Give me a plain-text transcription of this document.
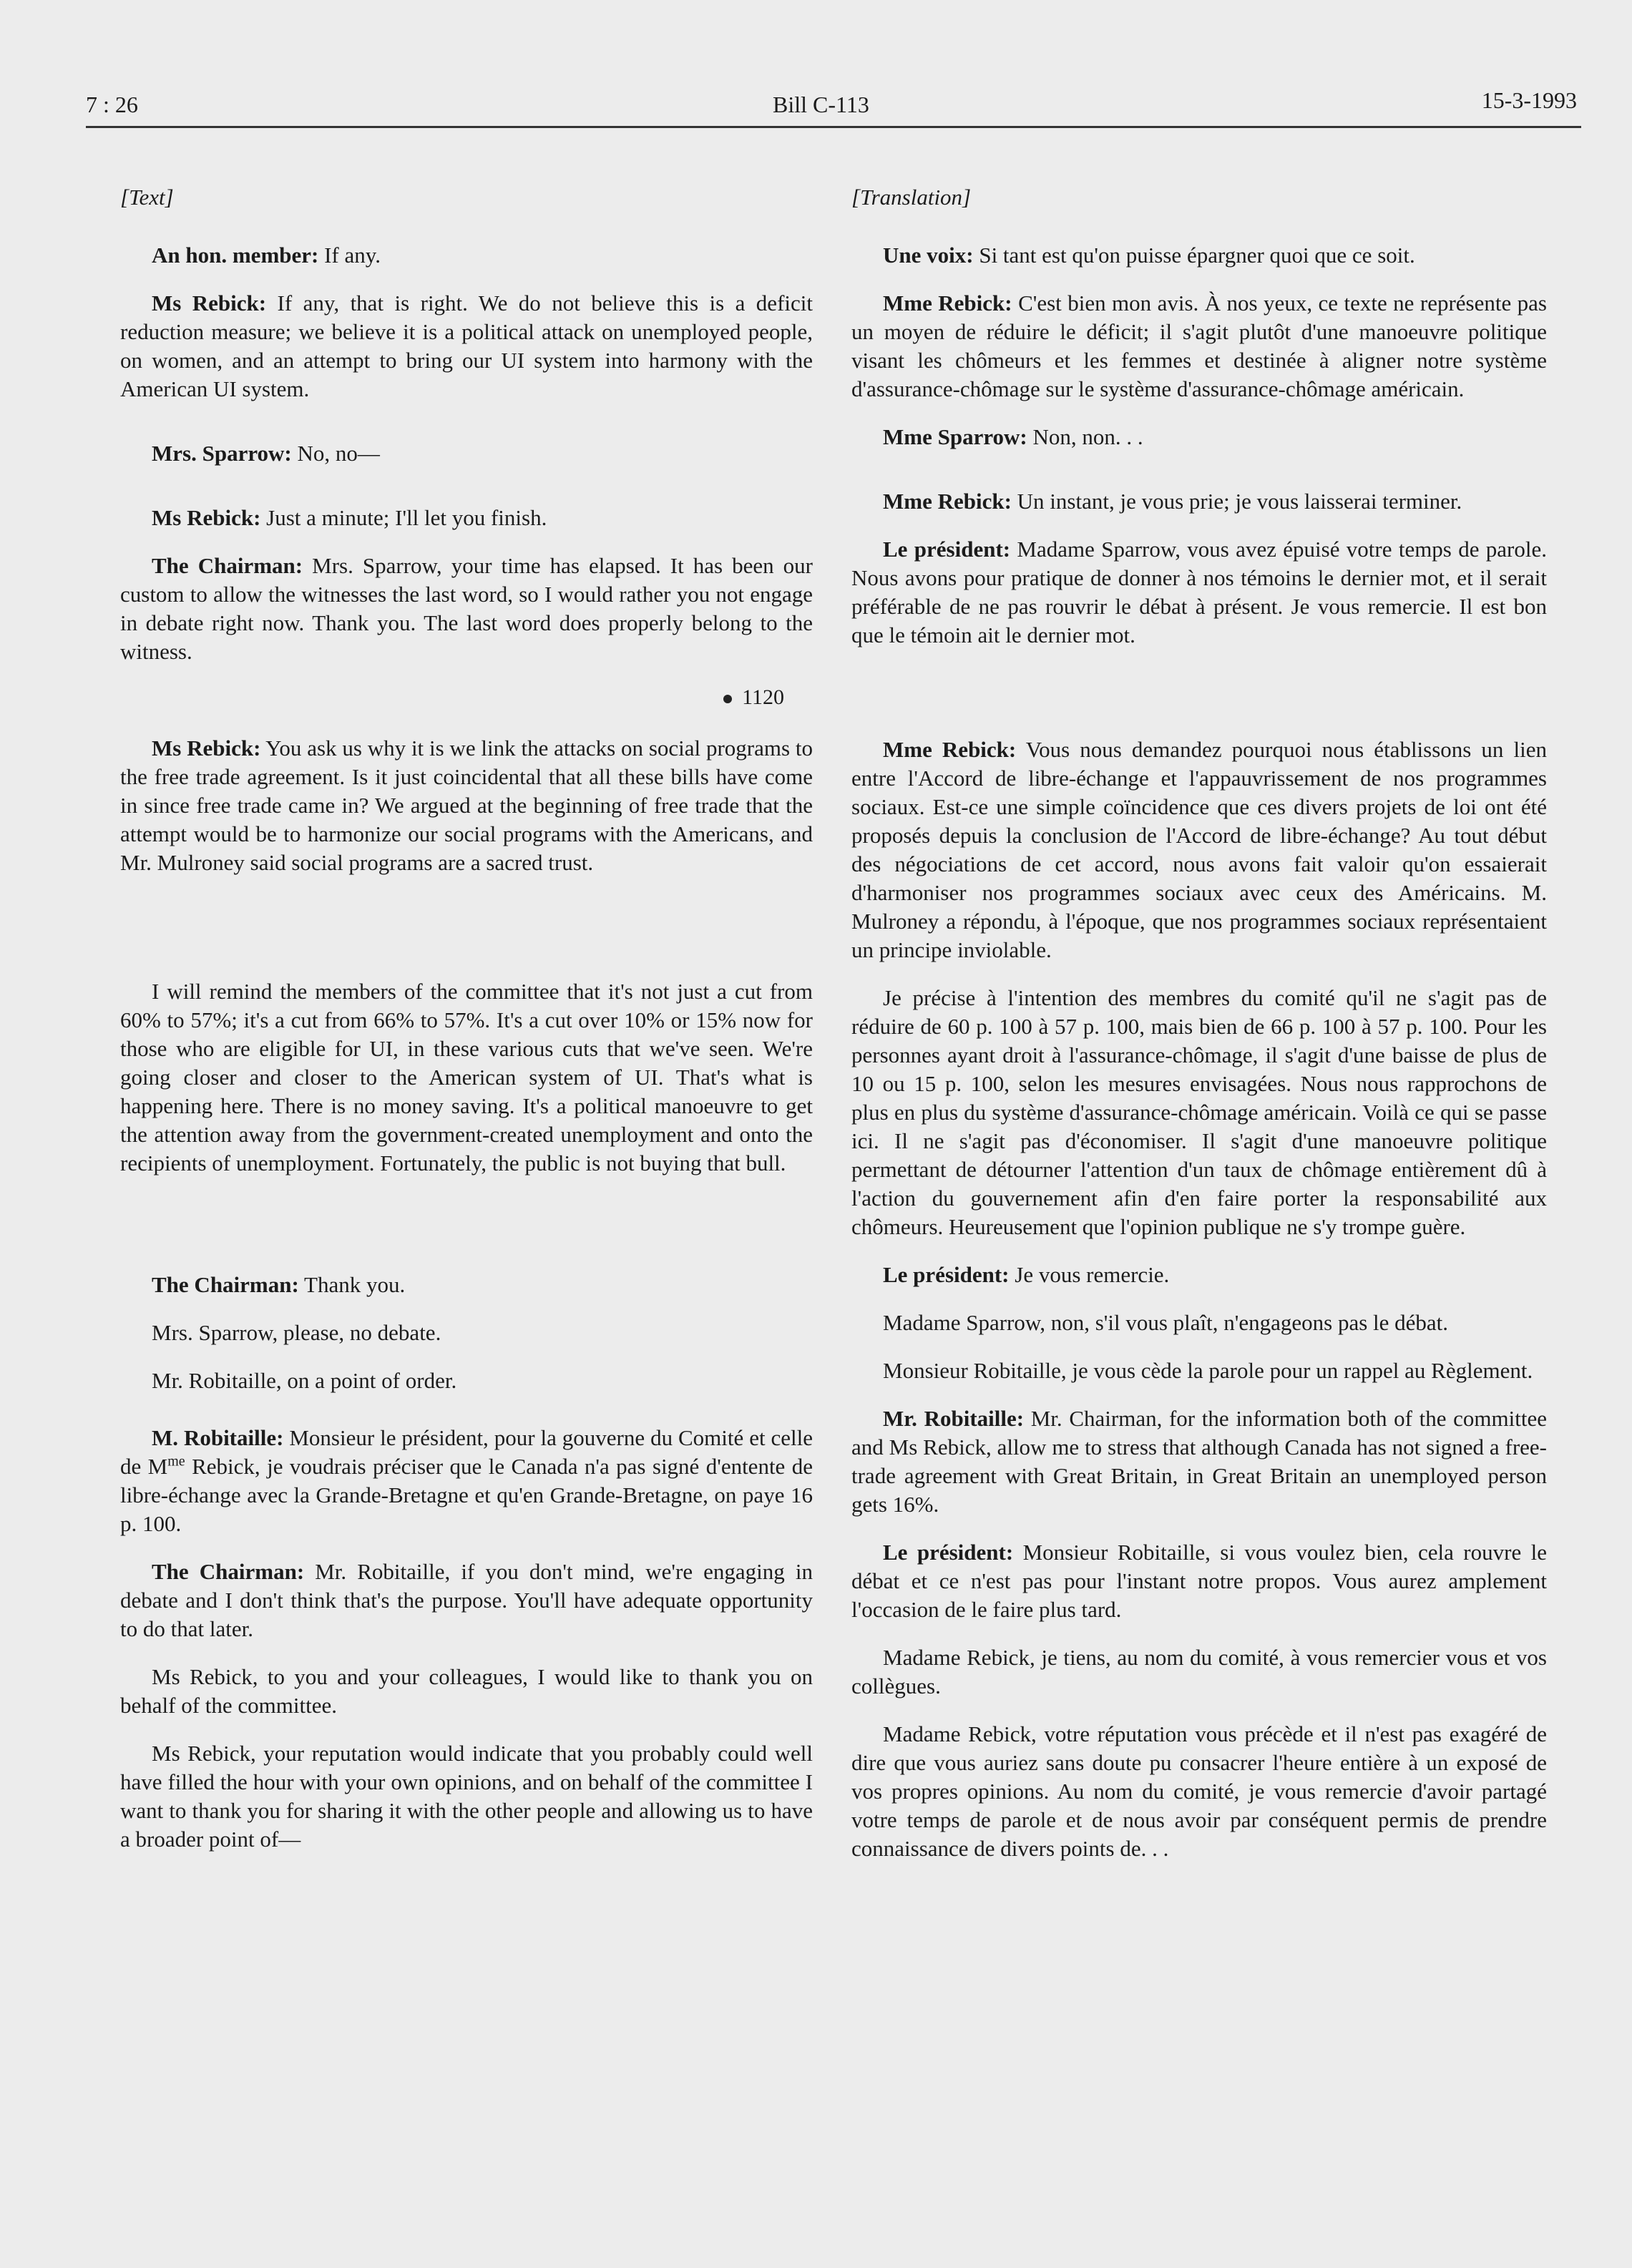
7 : 26	Bill C-113	15-3-1993
[Text]
An hon. member: If any.
Ms Rebick: If any, that is right. We do not believe this is a deficit reduction measure; we believe it is a political attack on unemployed people, on women, and an attempt to bring our UI system into harmony with the American UI system.
Mrs. Sparrow: No, no—
Ms Rebick: Just a minute; I'll let you finish.
The Chairman: Mrs. Sparrow, your time has elapsed. It has been our custom to allow the witnesses the last word, so I would rather you not engage in debate right now. Thank you. The last word does properly belong to the witness.
1120
Ms Rebick: You ask us why it is we link the attacks on social programs to the free trade agreement. Is it just coincidental that all these bills have come in since free trade came in? We argued at the beginning of free trade that the attempt would be to harmonize our social programs with the Americans, and Mr. Mulroney said social programs are a sacred trust.
I will remind the members of the committee that it's not just a cut from 60% to 57%; it's a cut from 66% to 57%. It's a cut over 10% or 15% now for those who are eligible for UI, in these various cuts that we've seen. We're going closer and closer to the American system of UI. That's what is happening here. There is no money saving. It's a political manoeuvre to get the attention away from the government-created unemployment and onto the recipients of unemployment. Fortunately, the public is not buying that bull.
The Chairman: Thank you.
Mrs. Sparrow, please, no debate.
Mr. Robitaille, on a point of order.
M. Robitaille: Monsieur le président, pour la gouverne du Comité et celle de $M^{me}$ Rebick, je voudrais préciser que le Canada n'a pas signé d'entente de libre-échange avec la Grande-Bretagne et qu'en Grande-Bretagne, on paye 16 p. 100.
The Chairman: Mr. Robitaille, if you don't mind, we're engaging in debate and I don't think that's the purpose. You'll have adequate opportunity to do that later.
Ms Rebick, to you and your colleagues, I would like to thank you on behalf of the committee.
Ms Rebick, your reputation would indicate that you probably could well have filled the hour with your own opinions, and on behalf of the committee I want to thank you for sharing it with the other people and allowing us to have a broader point of—
[Translation]
Une voix: Si tant est qu'on puisse épargner quoi que ce soit.
Mme Rebick: C'est bien mon avis. À nos yeux, ce texte ne représente pas un moyen de réduire le déficit; il s'agit plutôt d'une manoeuvre politique visant les chômeurs et les femmes et destinée à aligner notre système d'assurance-chômage sur le système d'assurance-chômage américain.
Mme Sparrow: Non, non. . .
Mme Rebick: Un instant, je vous prie; je vous laisserai terminer.
Le président: Madame Sparrow, vous avez épuisé votre temps de parole. Nous avons pour pratique de donner à nos témoins le dernier mot, et il serait préférable de ne pas rouvrir le débat à présent. Je vous remercie. Il est bon que le témoin ait le dernier mot.
Mme Rebick: Vous nous demandez pourquoi nous établissons un lien entre l'Accord de libre-échange et l'appauvrissement de nos programmes sociaux. Est-ce une simple coïncidence que ces divers projets de loi ont été proposés depuis la conclusion de l'Accord de libre-échange? Au tout début des négociations de cet accord, nous avons fait valoir qu'on essaierait d'harmoniser nos programmes sociaux avec ceux des Américains. M. Mulroney a répondu, à l'époque, que nos programmes sociaux représentaient un principe inviolable.
Je précise à l'intention des membres du comité qu'il ne s'agit pas de réduire de 60 p. 100 à 57 p. 100, mais bien de 66 p. 100 à 57 p. 100. Pour les personnes ayant droit à l'assurance-chômage, il s'agit d'une baisse de plus de 10 ou 15 p. 100, selon les mesures envisagées. Nous nous rapprochons de plus en plus du système d'assurance-chômage américain. Voilà ce qui se passe ici. Il ne s'agit pas d'économiser. Il s'agit d'une manoeuvre politique permettant de détourner l'attention d'un taux de chômage entièrement dû à l'action du gouvernement afin d'en faire porter la responsabilité aux chômeurs. Heureusement que l'opinion publique ne s'y trompe guère.
Le président: Je vous remercie.
Madame Sparrow, non, s'il vous plaît, n'engageons pas le débat.
Monsieur Robitaille, je vous cède la parole pour un rappel au Règlement.
Mr. Robitaille: Mr. Chairman, for the information both of the committee and Ms Rebick, allow me to stress that although Canada has not signed a free-trade agreement with Great Britain, in Great Britain an unemployed person gets 16%.
Le président: Monsieur Robitaille, si vous voulez bien, cela rouvre le débat et ce n'est pas pour l'instant notre propos. Vous aurez amplement l'occasion de le faire plus tard.
Madame Rebick, je tiens, au nom du comité, à vous remercier vous et vos collègues.
Madame Rebick, votre réputation vous précède et il n'est pas exagéré de dire que vous auriez sans doute pu consacrer l'heure entière à un exposé de vos propres opinions. Au nom du comité, je vous remercie d'avoir partagé votre temps de parole et de nous avoir par conséquent permis de prendre connaissance de divers points de. . .
